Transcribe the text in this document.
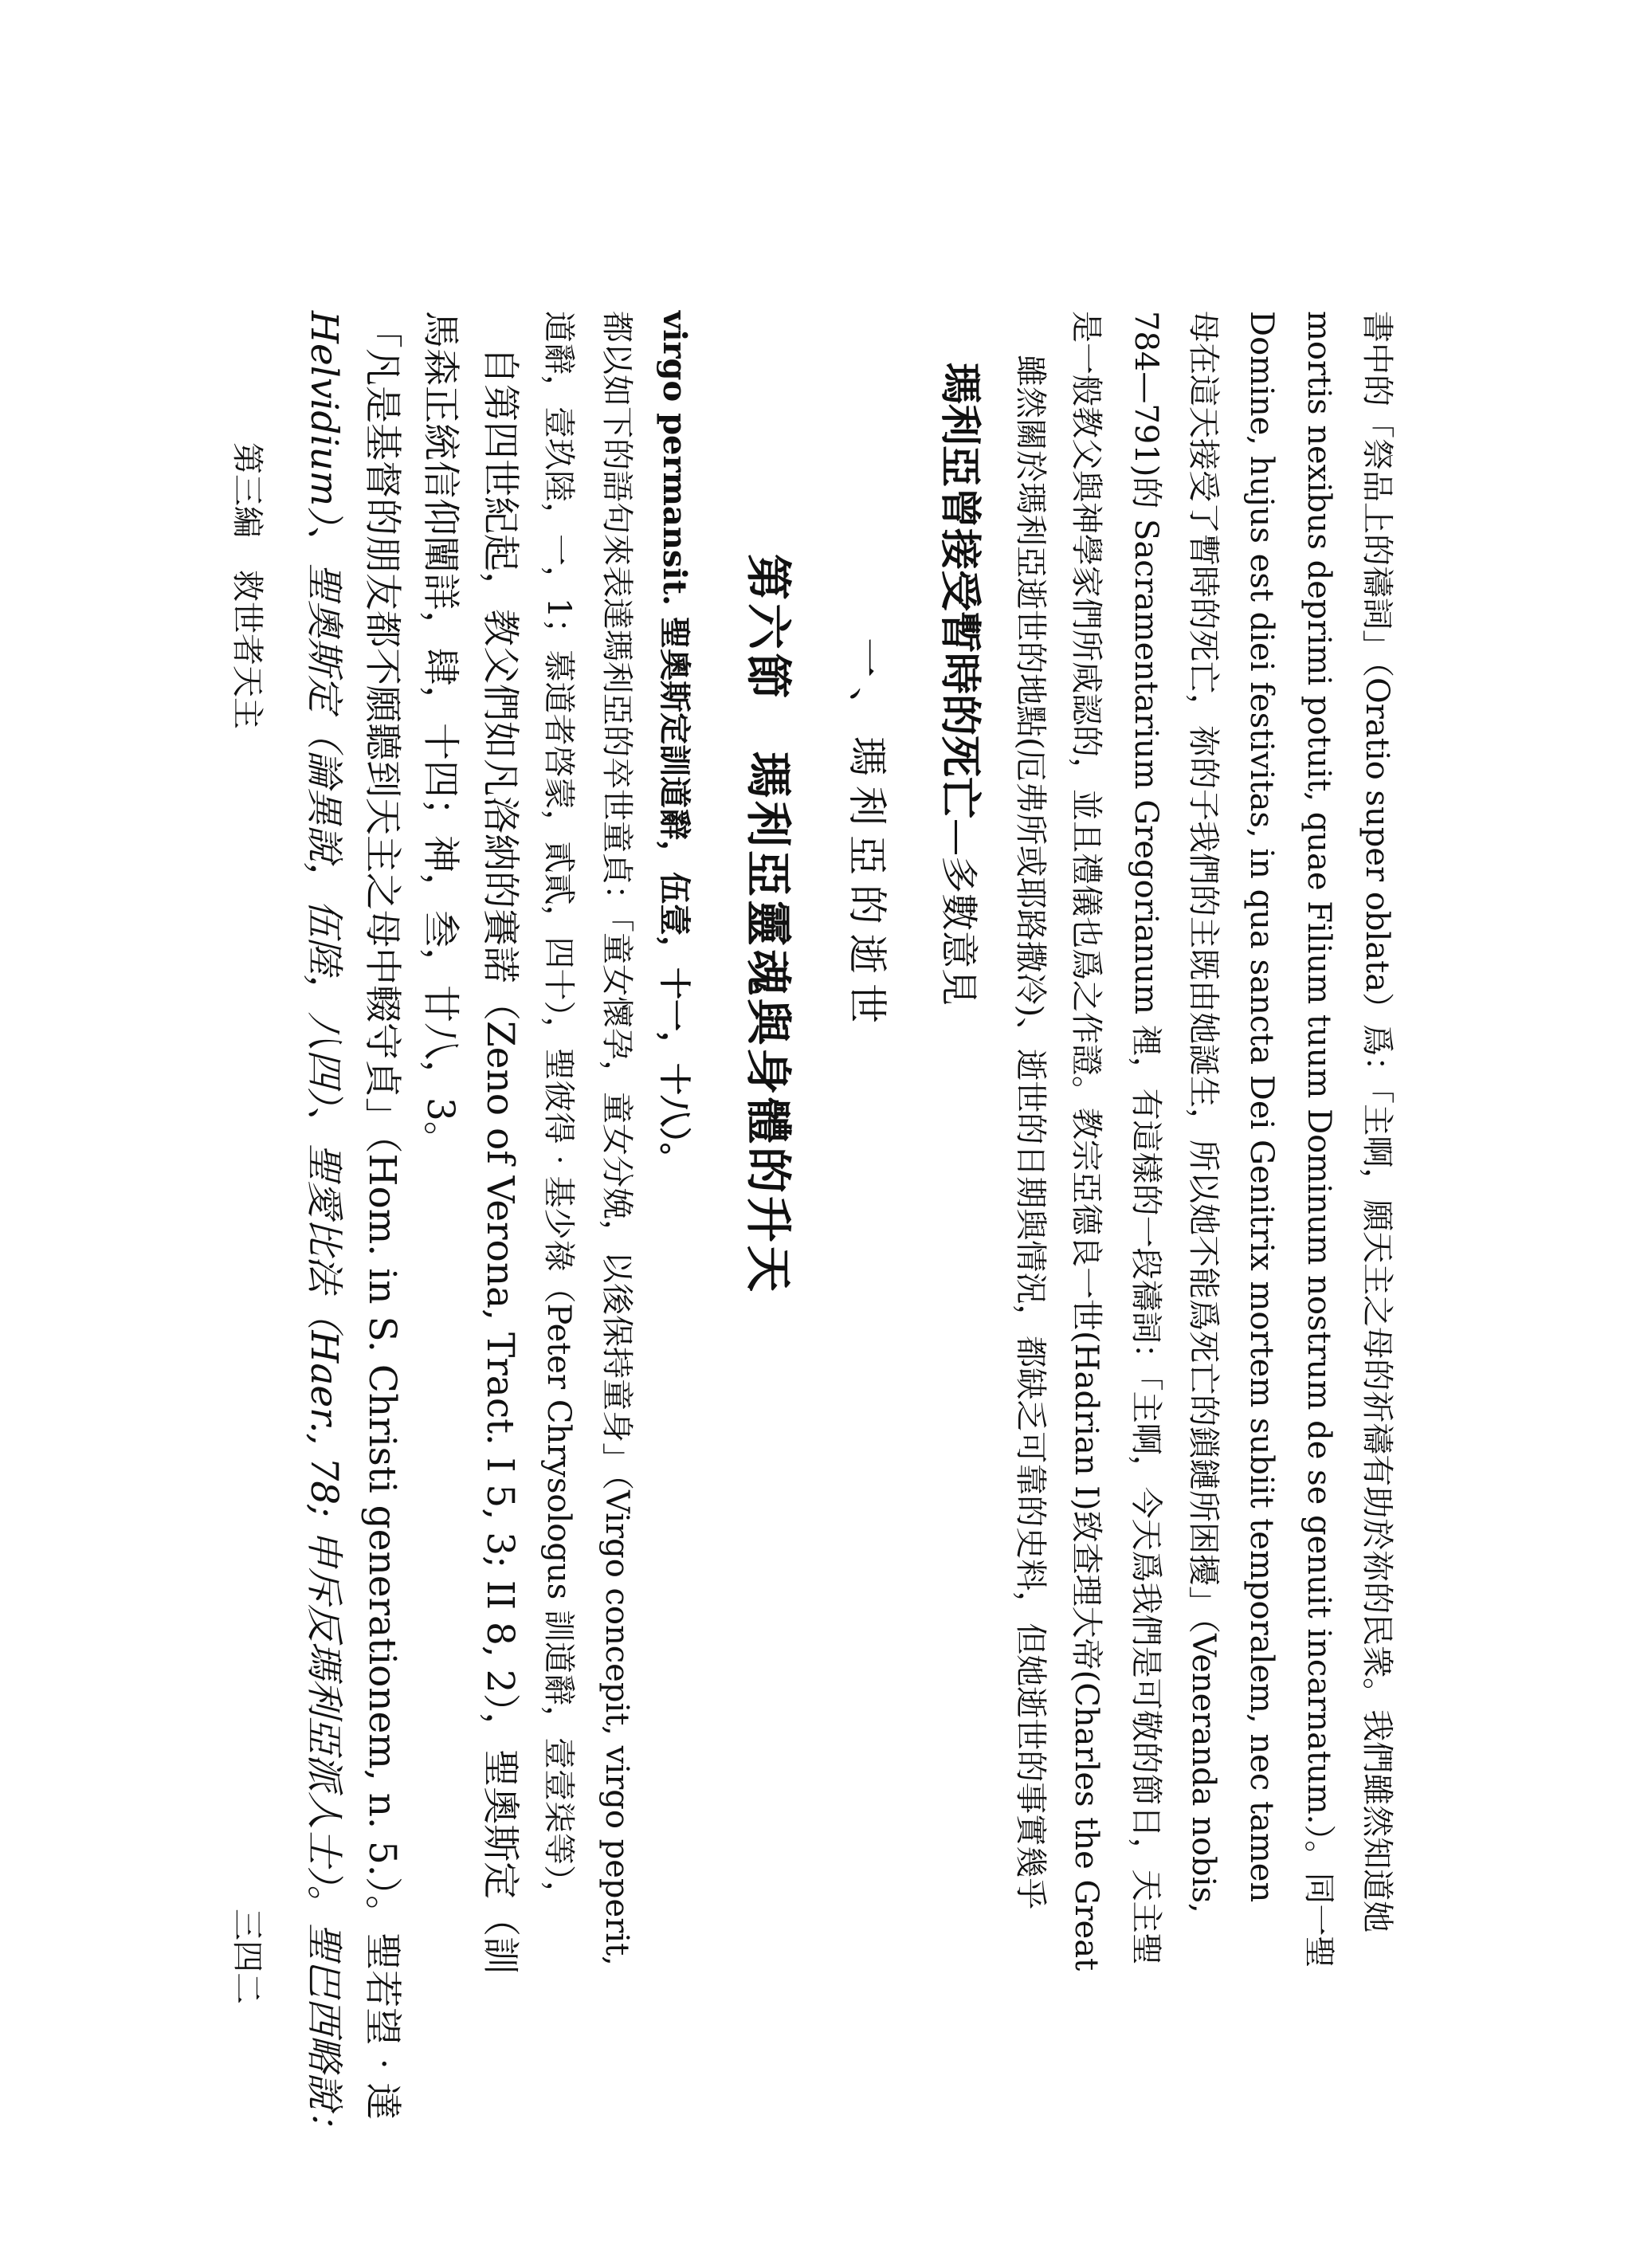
第三編　救世者天主
三四二 Helvidium）、聖奧斯定（論異說，伍陸，八四）、聖愛比法（Haer., 78; 申斥反瑪利亞派人士）。聖巴西略說： 「凡是基督的朋友都不願聽到天主之母中輟守貞」（Hom. in S. Christi generationem, n. 5.）。聖若望‧達 馬森正統信仰闡詳，肆，十四；神，叁，廿八，3。 自第四世紀起，教父們如凡洛納的賽諾（Zeno of Verona, Tract. I 5, 3; II 8, 2），聖奧斯定（訓 道辭，壹玖陸，一，1；慕道者啓蒙，貳貳，四十），聖彼得‧基少祿（Peter Chrysologus 訓道辭，壹壹柒等）， 都以如下的語句來表達瑪利亞的卒世童貞：「童女懷孕，童女分娩，以後保持童身」（Virgo concepit, virgo peperit, virgo permansit. 聖奧斯定訓道辭，伍壹，十一，十八）。 第六節　瑪利亞靈魂與身體的升天 一、瑪利亞的逝世
瑪利亞曾接受暫時的死亡—多數意見 雖然關於瑪利亞逝世的地點(厄弗所或耶路撒冷)、逝世的日期與情況，都缺乏可靠的史料，但她逝世的事實幾乎 是一般教父與神學家們所咸認的，並且禮儀也爲之作證。教宗亞德良一世(Hadrian I)致查理大帝(Charles the Great 784—791)的 Sacramentarium Gregorianum 裡，有這樣的一段禱詞：「主啊，今天爲我們是可敬的節日，天主聖 母在這天接受了暫時的死亡，祢的子我們的主既由她誕生，所以她不能爲死亡的鎖鏈所困擾」（Veneranda nobis, Domine, hujus est diei festivitas, in qua sancta Dei Genitrix mortem subiit temporalem, nec tamen mortis nexibus deprimi potuit, quae Filium tuum Dominum nostrum de se genuit incarnatum.）。同一聖 書中的「祭品上的禱詞」（Oratio super oblata）爲：「主啊，願天主之母的祈禱有助於祢的民衆。我們雖然知道她
